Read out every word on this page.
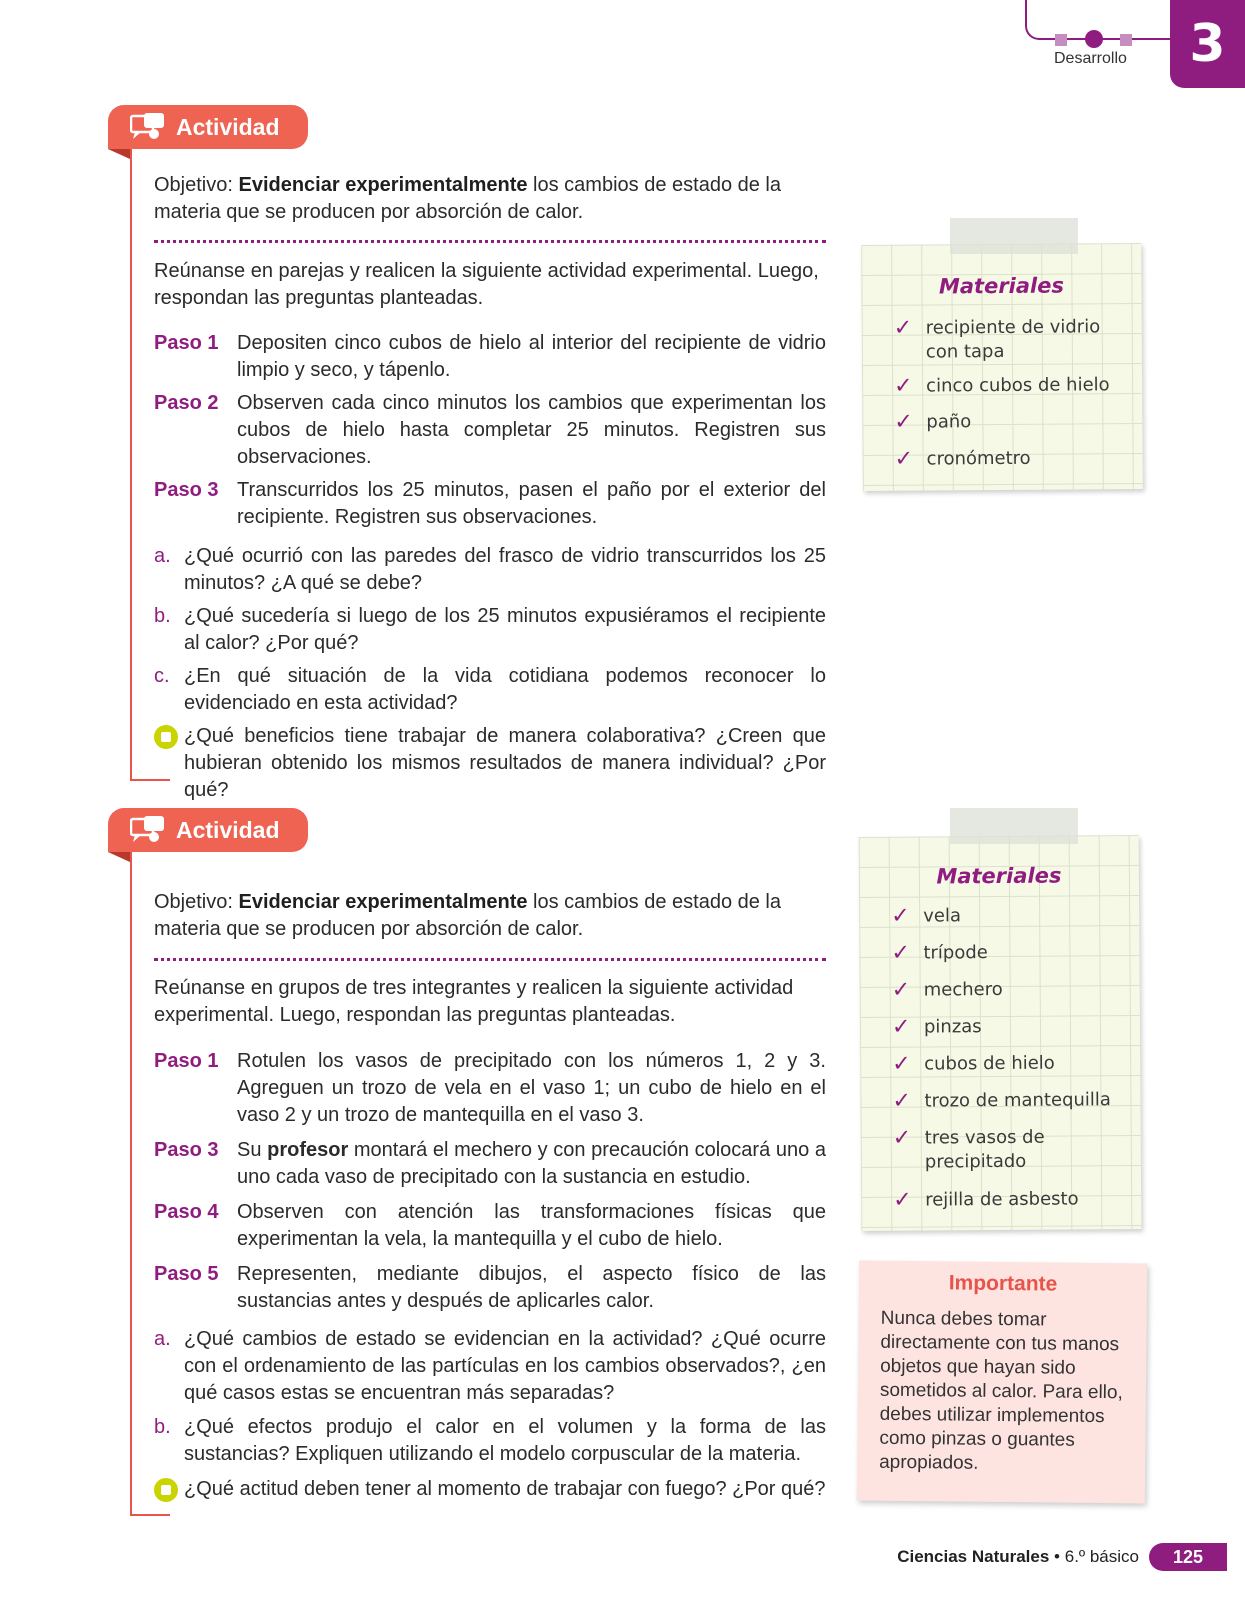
Desarrollo	3
Actividad
Objetivo: Evidenciar experimentalmente los cambios de estado de la materia que se producen por absorción de calor.
Reúnanse en parejas y realicen la siguiente actividad experimental. Luego, respondan las preguntas planteadas.
Paso 1 Depositen cinco cubos de hielo al interior del recipiente de vidrio limpio y seco, y tápenlo.
Paso 2 Observen cada cinco minutos los cambios que experimentan los cubos de hielo hasta completar 25 minutos. Registren sus observaciones.
Paso 3 Transcurridos los 25 minutos, pasen el paño por el exterior del recipiente. Registren sus observaciones.
a. ¿Qué ocurrió con las paredes del frasco de vidrio transcurridos los 25 minutos? ¿A qué se debe?
b. ¿Qué sucedería si luego de los 25 minutos expusiéramos el recipiente al calor? ¿Por qué?
c. ¿En qué situación de la vida cotidiana podemos reconocer lo evidenciado en esta actividad?
¿Qué beneficios tiene trabajar de manera colaborativa? ¿Creen que hubieran obtenido los mismos resultados de manera individual? ¿Por qué?
Materiales
✓ recipiente de vidrio con tapa
✓ cinco cubos de hielo
✓ paño
✓ cronómetro
Actividad
Objetivo: Evidenciar experimentalmente los cambios de estado de la materia que se producen por absorción de calor.
Reúnanse en grupos de tres integrantes y realicen la siguiente actividad experimental. Luego, respondan las preguntas planteadas.
Paso 1 Rotulen los vasos de precipitado con los números 1, 2 y 3. Agreguen un trozo de vela en el vaso 1; un cubo de hielo en el vaso 2 y un trozo de mantequilla en el vaso 3.
Paso 3 Su profesor montará el mechero y con precaución colocará uno a uno cada vaso de precipitado con la sustancia en estudio.
Paso 4 Observen con atención las transformaciones físicas que experimentan la vela, la mantequilla y el cubo de hielo.
Paso 5 Representen, mediante dibujos, el aspecto físico de las sustancias antes y después de aplicarles calor.
a. ¿Qué cambios de estado se evidencian en la actividad? ¿Qué ocurre con el ordenamiento de las partículas en los cambios observados?, ¿en qué casos estas se encuentran más separadas?
b. ¿Qué efectos produjo el calor en el volumen y la forma de las sustancias? Expliquen utilizando el modelo corpuscular de la materia.
¿Qué actitud deben tener al momento de trabajar con fuego? ¿Por qué?
Materiales
✓ vela
✓ trípode
✓ mechero
✓ pinzas
✓ cubos de hielo
✓ trozo de mantequilla
✓ tres vasos de precipitado
✓ rejilla de asbesto
Importante
Nunca debes tomar directamente con tus manos objetos que hayan sido sometidos al calor. Para ello, debes utilizar implementos como pinzas o guantes apropiados.
Ciencias Naturales • 6.º básico	125
